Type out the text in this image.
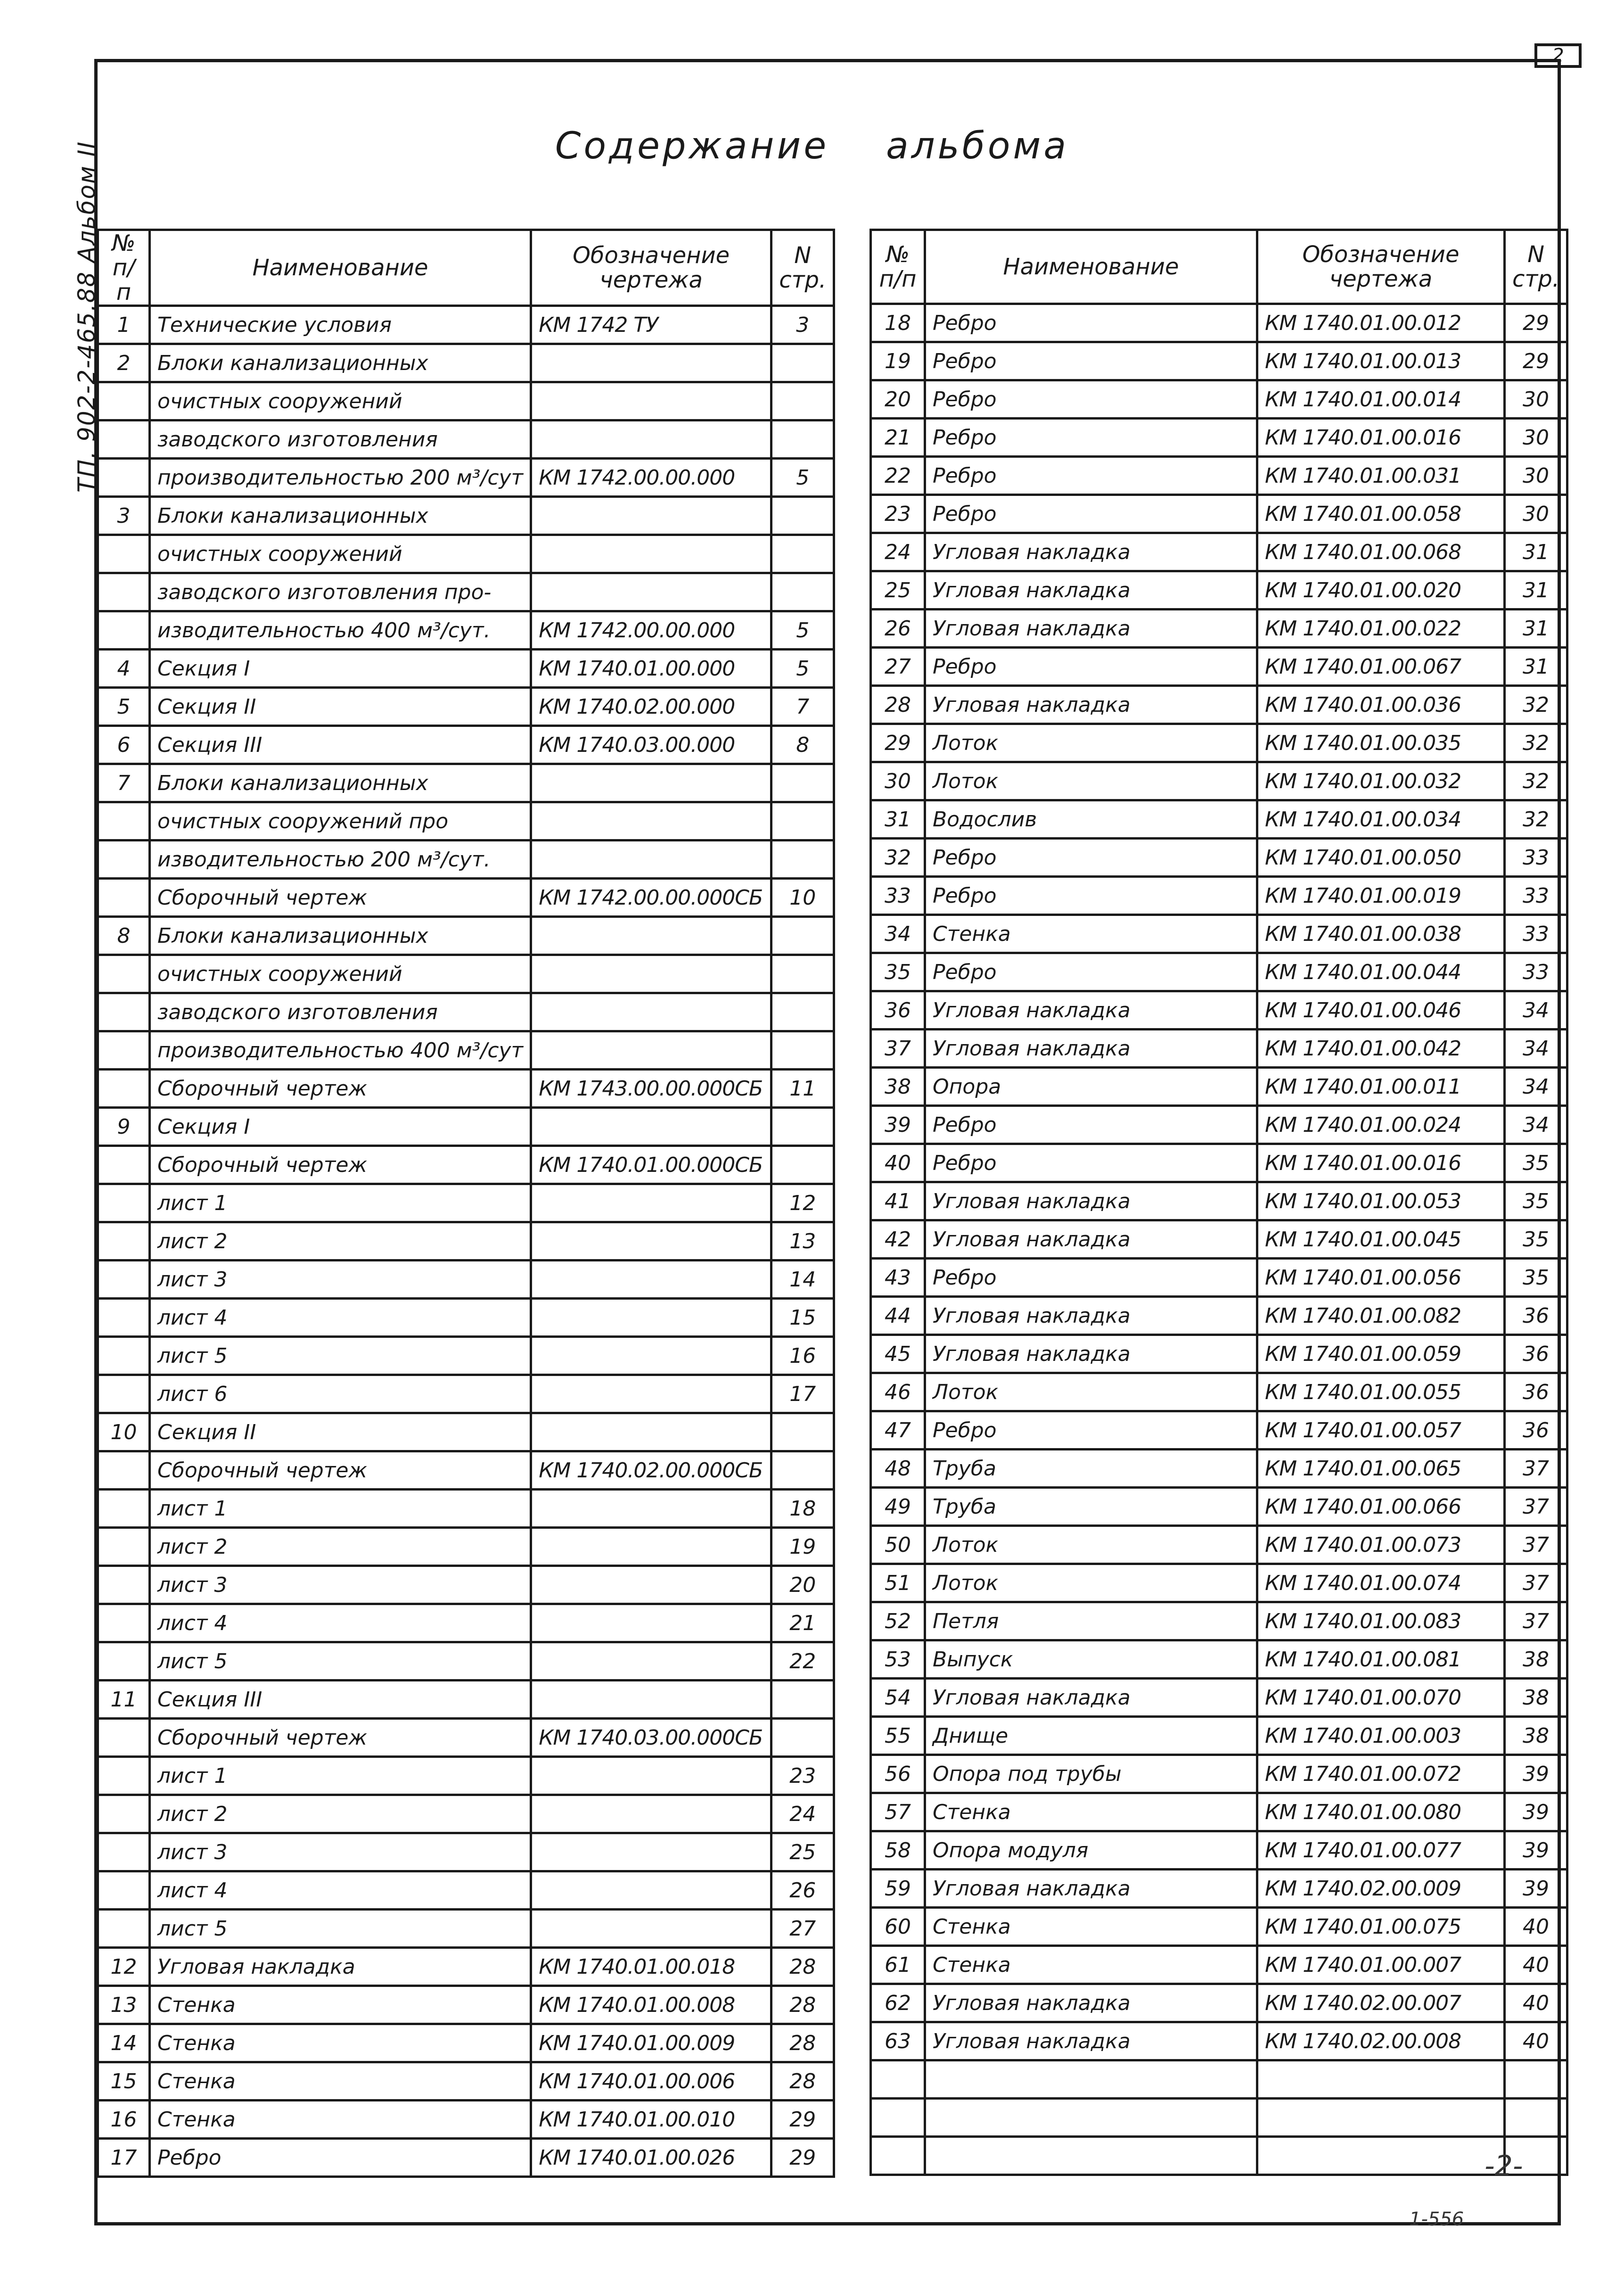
2
ТП. 902-2-465.88 Альбом II	Содержание альбома
№ п/п	Наименование	Обозначение чертежа	N стр.
1	Технические условия	КМ 1742 ТУ	3
2	Блоки канализационных		
	очистных сооружений		
	заводского изготовления		
	производительностью 200 м³/сут	КМ 1742.00.00.000	5
3	Блоки канализационных		
	очистных сооружений		
	заводского изготовления про-		
	изводительностью 400 м³/сут.	КМ 1742.00.00.000	5
4	Секция I	КМ 1740.01.00.000	5
5	Секция II	КМ 1740.02.00.000	7
6	Секция III	КМ 1740.03.00.000	8
7	Блоки канализационных		
	очистных сооружений про		
	изводительностью 200 м³/сут.		
	Сборочный чертеж	КМ 1742.00.00.000СБ	10
8	Блоки канализационных		
	очистных сооружений		
	заводского изготовления		
	производительностью 400 м³/сут		
	Сборочный чертеж	КМ 1743.00.00.000СБ	11
9	Секция I		
	Сборочный чертеж	КМ 1740.01.00.000СБ	
	лист 1		12
	лист 2		13
	лист 3		14
	лист 4		15
	лист 5		16
	лист 6		17
10	Секция II		
	Сборочный чертеж	КМ 1740.02.00.000СБ	
	лист 1		18
	лист 2		19
	лист 3		20
	лист 4		21
	лист 5		22
11	Секция III		
	Сборочный чертеж	КМ 1740.03.00.000СБ	
	лист 1		23
	лист 2		24
	лист 3		25
	лист 4		26
	лист 5		27
12	Угловая накладка	КМ 1740.01.00.018	28
13	Стенка	КМ 1740.01.00.008	28
14	Стенка	КМ 1740.01.00.009	28
15	Стенка	КМ 1740.01.00.006	28
16	Стенка	КМ 1740.01.00.010	29
17	Ребро	КМ 1740.01.00.026	29
№ п/п	Наименование	Обозначение чертежа	N стр.
18	Ребро	КМ 1740.01.00.012	29
19	Ребро	КМ 1740.01.00.013	29
20	Ребро	КМ 1740.01.00.014	30
21	Ребро	КМ 1740.01.00.016	30
22	Ребро	КМ 1740.01.00.031	30
23	Ребро	КМ 1740.01.00.058	30
24	Угловая накладка	КМ 1740.01.00.068	31
25	Угловая накладка	КМ 1740.01.00.020	31
26	Угловая накладка	КМ 1740.01.00.022	31
27	Ребро	КМ 1740.01.00.067	31
28	Угловая накладка	КМ 1740.01.00.036	32
29	Лоток	КМ 1740.01.00.035	32
30	Лоток	КМ 1740.01.00.032	32
31	Водослив	КМ 1740.01.00.034	32
32	Ребро	КМ 1740.01.00.050	33
33	Ребро	КМ 1740.01.00.019	33
34	Стенка	КМ 1740.01.00.038	33
35	Ребро	КМ 1740.01.00.044	33
36	Угловая накладка	КМ 1740.01.00.046	34
37	Угловая накладка	КМ 1740.01.00.042	34
38	Опора	КМ 1740.01.00.011	34
39	Ребро	КМ 1740.01.00.024	34
40	Ребро	КМ 1740.01.00.016	35
41	Угловая накладка	КМ 1740.01.00.053	35
42	Угловая накладка	КМ 1740.01.00.045	35
43	Ребро	КМ 1740.01.00.056	35
44	Угловая накладка	КМ 1740.01.00.082	36
45	Угловая накладка	КМ 1740.01.00.059	36
46	Лоток	КМ 1740.01.00.055	36
47	Ребро	КМ 1740.01.00.057	36
48	Труба	КМ 1740.01.00.065	37
49	Труба	КМ 1740.01.00.066	37
50	Лоток	КМ 1740.01.00.073	37
51	Лоток	КМ 1740.01.00.074	37
52	Петля	КМ 1740.01.00.083	37
53	Выпуск	КМ 1740.01.00.081	38
54	Угловая накладка	КМ 1740.01.00.070	38
55	Днище	КМ 1740.01.00.003	38
56	Опора под трубы	КМ 1740.01.00.072	39
57	Стенка	КМ 1740.01.00.080	39
58	Опора модуля	КМ 1740.01.00.077	39
59	Угловая накладка	КМ 1740.02.00.009	39
60	Стенка	КМ 1740.01.00.075	40
61	Стенка	КМ 1740.01.00.007	40
62	Угловая накладка	КМ 1740.02.00.007	40
63	Угловая накладка	КМ 1740.02.00.008	40

-2-
1-556
